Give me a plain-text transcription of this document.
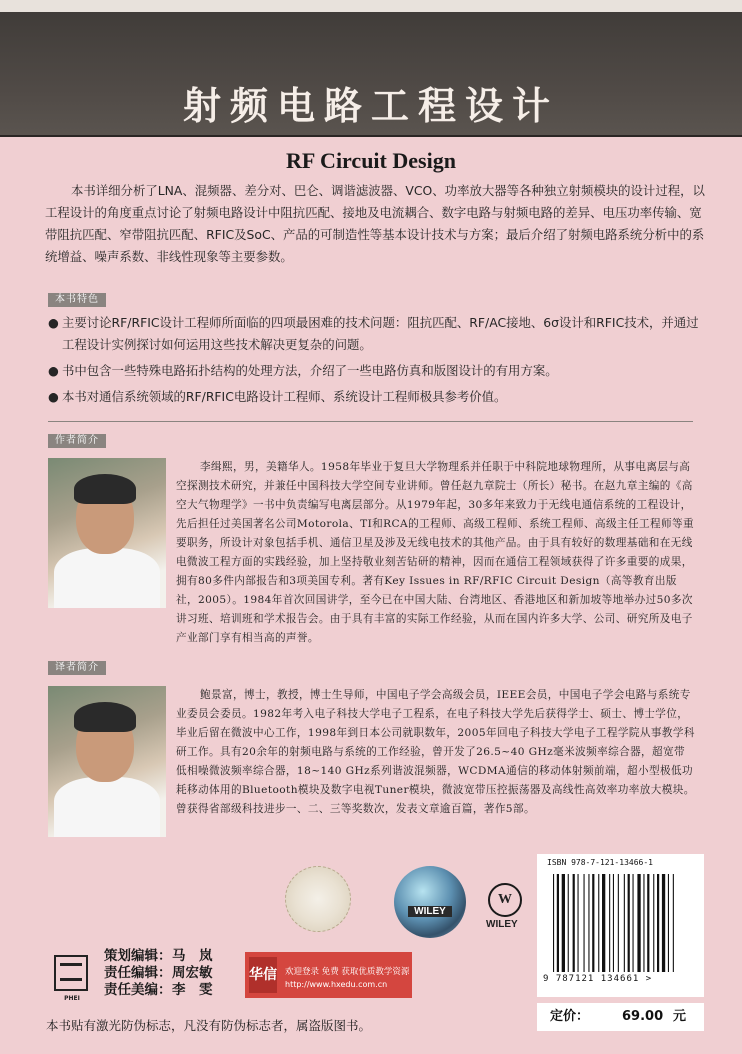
射频电路工程设计
RF Circuit Design
本书详细分析了LNA、混频器、差分对、巴仑、调谐滤波器、VCO、功率放大器等各种独立射频模块的设计过程，以工程设计的角度重点讨论了射频电路设计中阻抗匹配、接地及电流耦合、数字电路与射频电路的差异、电压功率传输、宽带阻抗匹配、窄带阻抗匹配、RFIC及SoC、产品的可制造性等基本设计技术与方案；最后介绍了射频电路系统分析中的系统增益、噪声系数、非线性现象等主要参数。
本书特色
● 主要讨论RF/RFIC设计工程师所面临的四项最困难的技术问题：阻抗匹配、RF/AC接地、6σ设计和RFIC技术，并通过工程设计实例探讨如何运用这些技术解决更复杂的问题。
● 书中包含一些特殊电路拓扑结构的处理方法，介绍了一些电路仿真和版图设计的有用方案。
● 本书对通信系统领域的RF/RFIC电路设计工程师、系统设计工程师极具参考价值。
作者简介
李缉熙，男，美籍华人。1958年毕业于复旦大学物理系并任职于中科院地球物理所，从事电离层与高空探测技术研究，并兼任中国科技大学空间专业讲师。曾任赵九章院士（所长）秘书。在赵九章主编的《高空大气物理学》一书中负责编写电离层部分。从1979年起，30多年来致力于无线电通信系统的工程设计，先后担任过美国著名公司Motorola、TI和RCA的工程师、高级工程师、系统工程师、高级主任工程师等重要职务，所设计对象包括手机、通信卫星及涉及无线电技术的其他产品。由于具有较好的数理基础和在无线电微波工程方面的实践经验，加上坚持敬业刻苦钻研的精神，因而在通信工程领域获得了许多重要的成果，拥有80多件内部报告和3项美国专利。著有Key Issues in RF/RFIC Circuit Design（高等教育出版社，2005）。1984年首次回国讲学，至今已在中国大陆、台湾地区、香港地区和新加坡等地举办过50多次讲习班、培训班和学术报告会。由于具有丰富的实际工作经验，从而在国内许多大学、公司、研究所及电子产业部门享有相当高的声誉。
译者简介
鲍景富，博士，教授，博士生导师，中国电子学会高级会员，IEEE会员，中国电子学会电路与系统专业委员会委员。1982年考入电子科技大学电子工程系，在电子科技大学先后获得学士、硕士、博士学位，毕业后留在微波中心工作，1998年到日本公司就职数年，2005年回电子科技大学电子工程学院从事教学科研工作。具有20余年的射频电路与系统的工作经验，曾开发了26.5~40 GHz毫米波频率综合器，超宽带低相噪微波频率综合器，18~140 GHz系列谐波混频器，WCDMA通信的移动体射频前端，超小型极低功耗移动体用的Bluetooth模块及数字电视Tuner模块，微波宽带压控振荡器及高线性高效率功率放大模块。曾获得省部级科技进步一、二、三等奖数次，发表文章逾百篇，著作5部。
WILEY
W
WILEY
ISBN 978-7-121-13466-1
9 787121 134661 >
定价：	69.00 元
PHEI
策划编辑： 马　岚
责任编辑： 周宏敏
责任美编： 李　雯
华信 欢迎登录 免费 获取优质教学资源
http://www.hxedu.com.cn
本书贴有激光防伪标志，凡没有防伪标志者，属盗版图书。
